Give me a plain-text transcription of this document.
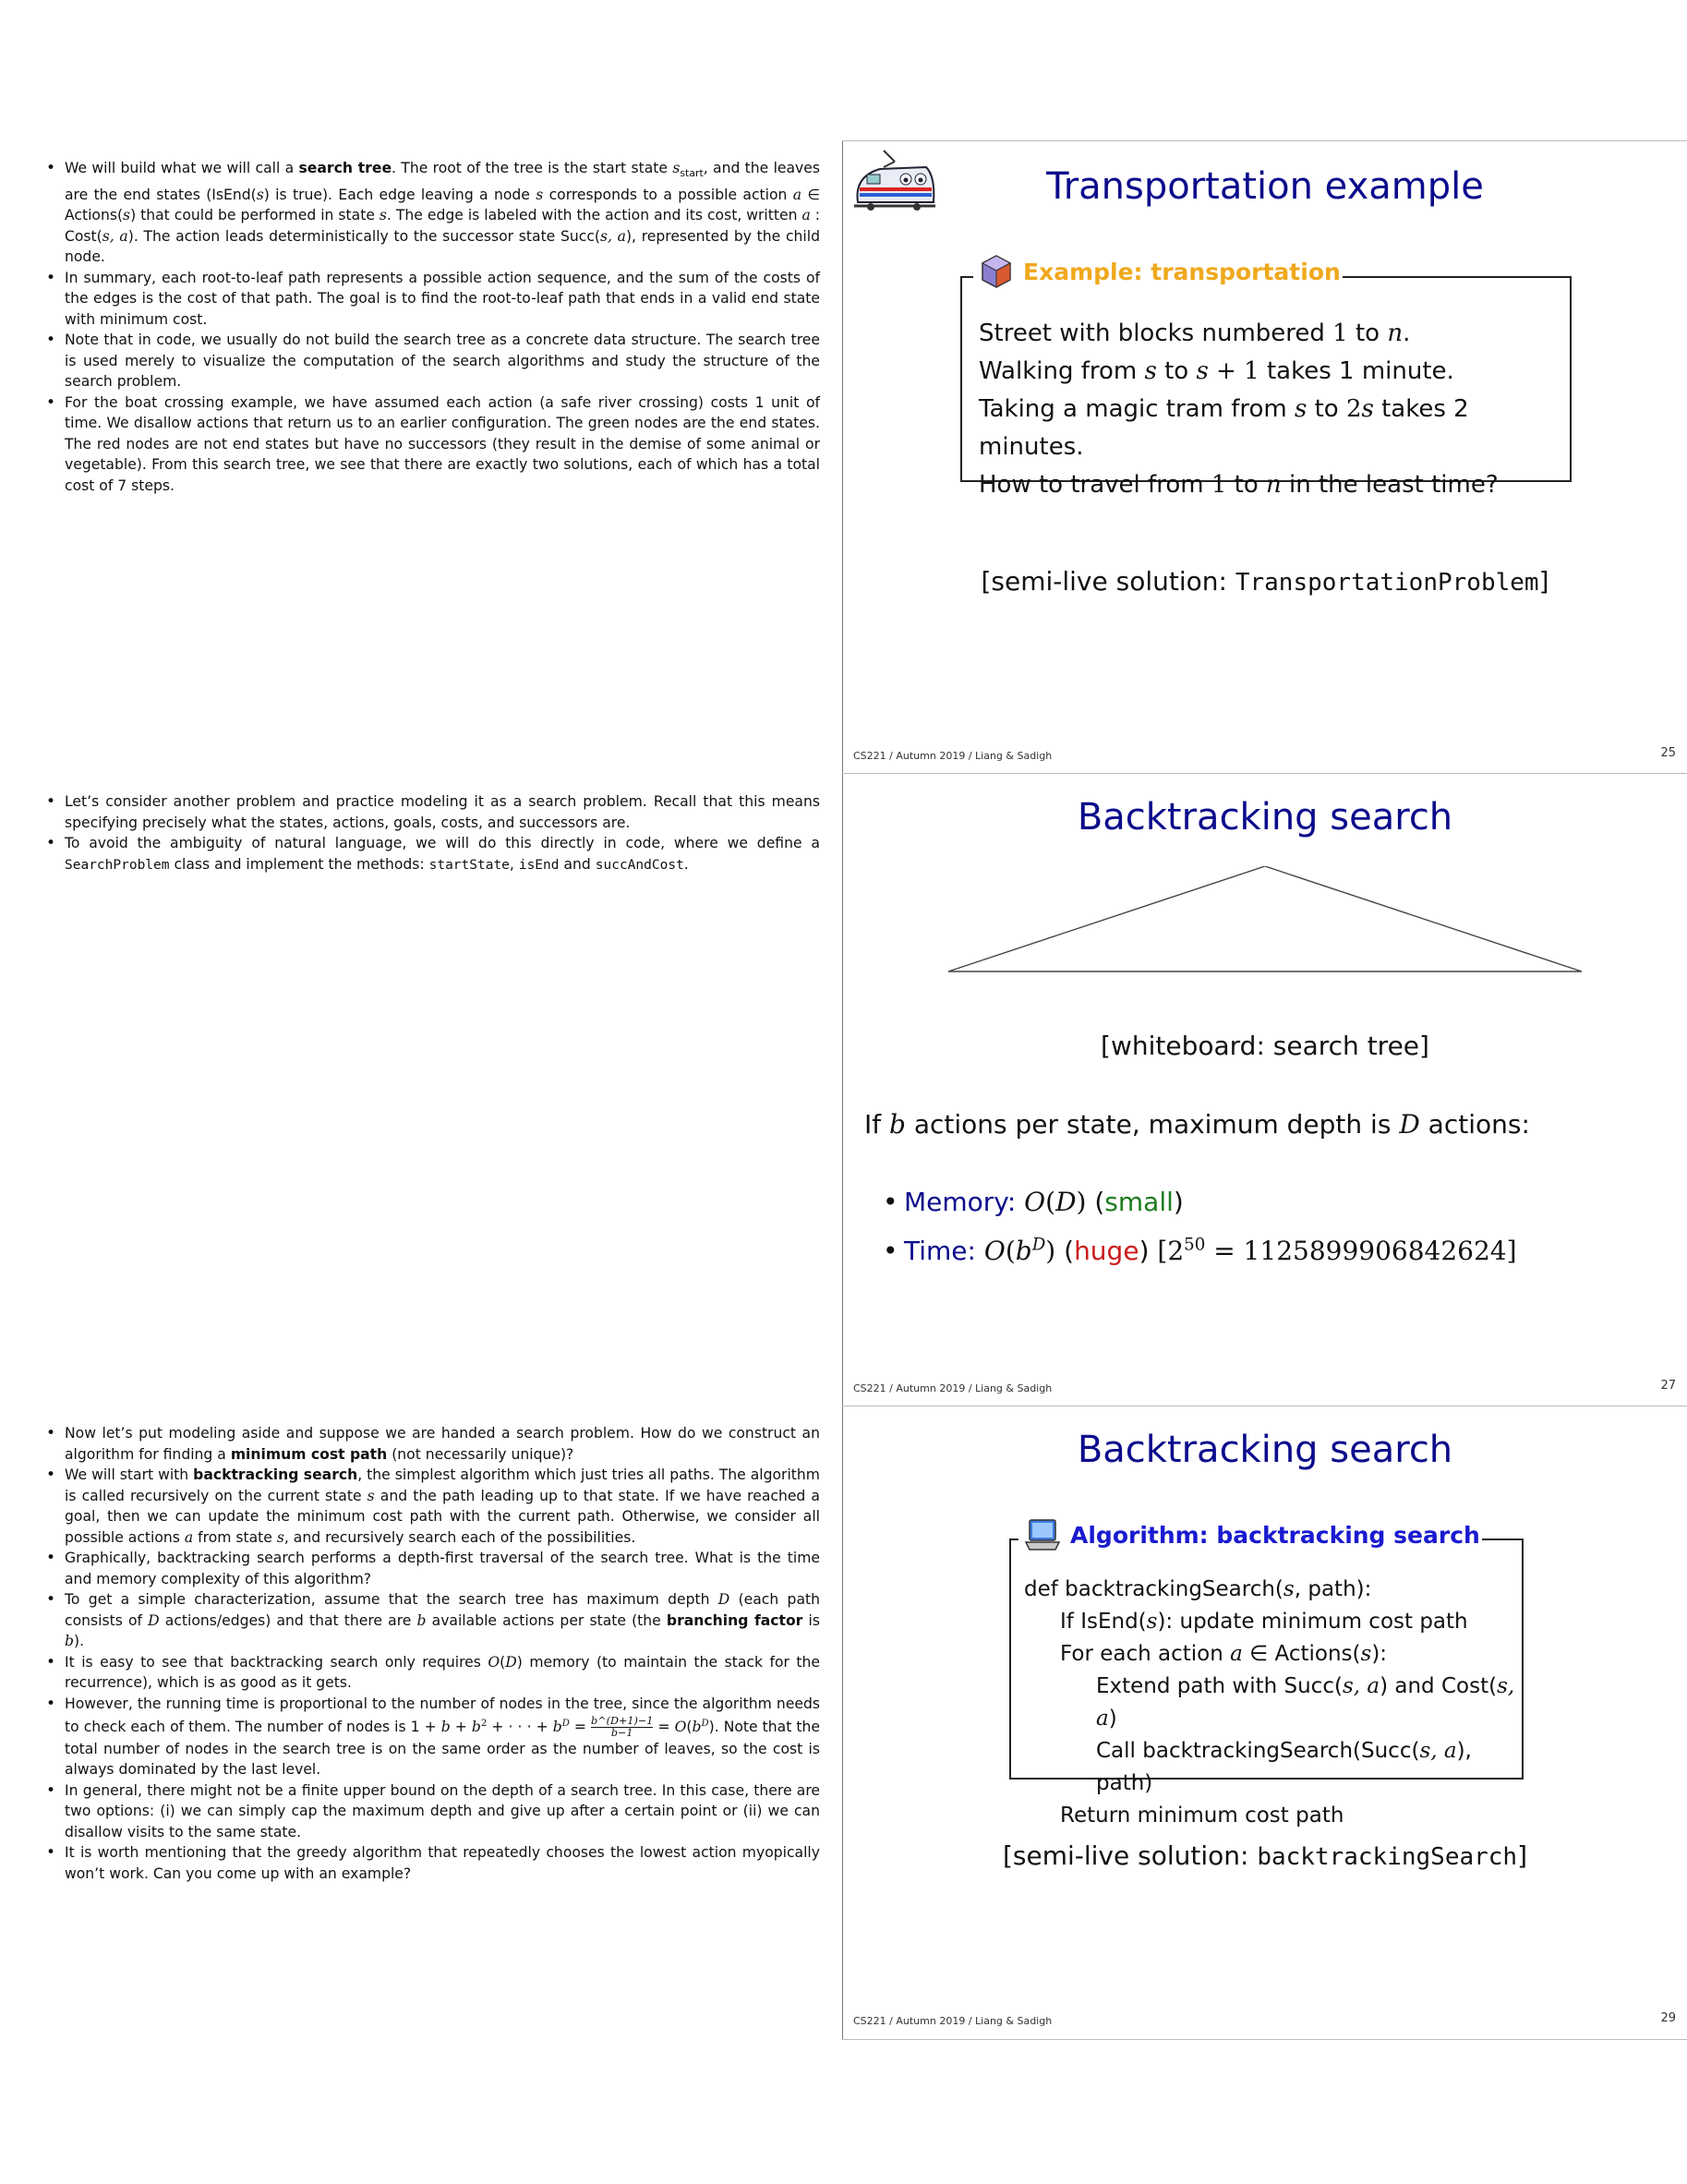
• We will build what we will call a search tree. The root of the tree is the start state $s_{start}$, and the leaves are the end states (IsEnd(s) is true). Each edge leaving a node s corresponds to a possible action a ∈ Actions(s) that could be performed in state s. The edge is labeled with the action and its cost, written a : Cost(s, a). The action leads deterministically to the successor state Succ(s, a), represented by the child node.
• In summary, each root-to-leaf path represents a possible action sequence, and the sum of the costs of the edges is the cost of that path. The goal is to find the root-to-leaf path that ends in a valid end state with minimum cost.
• Note that in code, we usually do not build the search tree as a concrete data structure. The search tree is used merely to visualize the computation of the search algorithms and study the structure of the search problem.
• For the boat crossing example, we have assumed each action (a safe river crossing) costs 1 unit of time. We disallow actions that return us to an earlier configuration. The green nodes are the end states. The red nodes are not end states but have no successors (they result in the demise of some animal or vegetable). From this search tree, we see that there are exactly two solutions, each of which has a total cost of 7 steps.
• Let’s consider another problem and practice modeling it as a search problem. Recall that this means specifying precisely what the states, actions, goals, costs, and successors are.
• To avoid the ambiguity of natural language, we will do this directly in code, where we define a SearchProblem class and implement the methods: startState, isEnd and succAndCost.
• Now let’s put modeling aside and suppose we are handed a search problem. How do we construct an algorithm for finding a minimum cost path (not necessarily unique)?
• We will start with backtracking search, the simplest algorithm which just tries all paths. The algorithm is called recursively on the current state s and the path leading up to that state. If we have reached a goal, then we can update the minimum cost path with the current path. Otherwise, we consider all possible actions a from state s, and recursively search each of the possibilities.
• Graphically, backtracking search performs a depth-first traversal of the search tree. What is the time and memory complexity of this algorithm?
• To get a simple characterization, assume that the search tree has maximum depth D (each path consists of D actions/edges) and that there are b available actions per state (the branching factor is b).
• It is easy to see that backtracking search only requires O(D) memory (to maintain the stack for the recurrence), which is as good as it gets.
• However, the running time is proportional to the number of nodes in the tree, since the algorithm needs to check each of them. The number of nodes is $1 + b + b^2$ + · · · + $b^D = \frac{b\^{}(D+1)-1}{b-1} = O(b^D)$. Note that the total number of nodes in the search tree is on the same order as the number of leaves, so the cost is always dominated by the last level.
• In general, there might not be a finite upper bound on the depth of a search tree. In this case, there are two options: (i) we can simply cap the maximum depth and give up after a certain point or (ii) we can disallow visits to the same state.
• It is worth mentioning that the greedy algorithm that repeatedly chooses the lowest action myopically won’t work. Can you come up with an example?
Transportation example
Example: transportation
Street with blocks numbered 1 to n.
Walking from s to s + 1 takes 1 minute.
Taking a magic tram from s to 2s takes 2 minutes.
How to travel from 1 to n in the least time?
[semi-live solution: TransportationProblem]
CS221 / Autumn 2019 / Liang & Sadigh	25
Backtracking search
[whiteboard: search tree]
If b actions per state, maximum depth is D actions:
• Memory: O(D) (small)
• Time: $O(b^D)$ (huge) $[2^{50} = 1125899906842624]$
CS221 / Autumn 2019 / Liang & Sadigh	27
Backtracking search
Algorithm: backtracking search
def backtrackingSearch(s, path):
If IsEnd(s): update minimum cost path
For each action a ∈ Actions(s):
Extend path with Succ(s, a) and Cost(s, a)
Call backtrackingSearch(Succ(s, a), path)
Return minimum cost path
[semi-live solution: backtrackingSearch]
CS221 / Autumn 2019 / Liang & Sadigh	29
